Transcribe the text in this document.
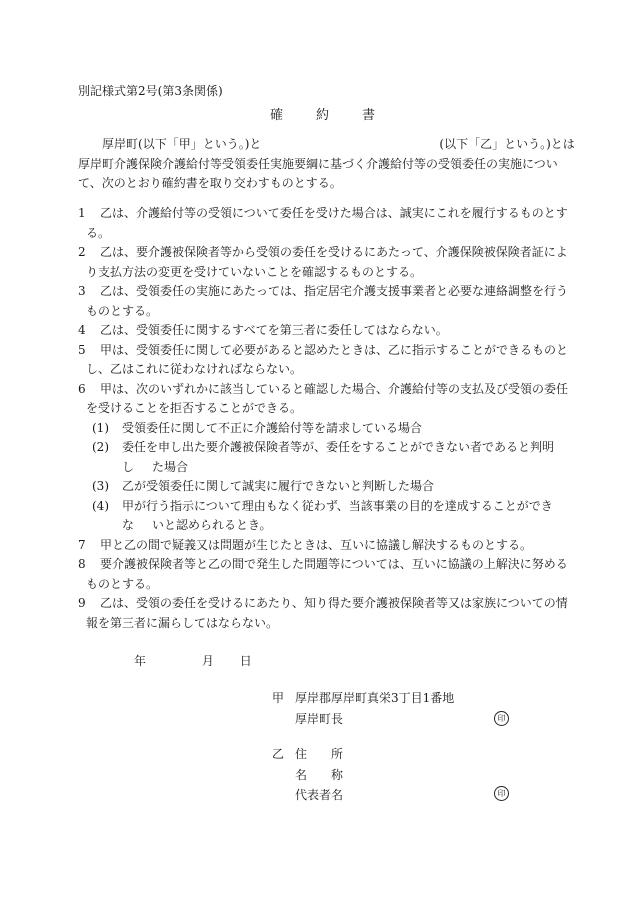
別記様式第2号(第3条関係)
確　約　書
　　厚岸町(以下「甲」という。)と　　　	(以下「乙」という。)とは
厚岸町介護保険介護給付等受領委任実施要綱に基づく介護給付等の受領委任の実施につい
て、次のとおり確約書を取り交わすものとする。
1	乙は、介護給付等の受領について委任を受けた場合は、誠実にこれを履行するものとす
る。
2	乙は、要介護被保険者等から受領の委任を受けるにあたって、介護保険被保険者証によ
り支払方法の変更を受けていないことを確認するものとする。
3	乙は、受領委任の実施にあたっては、指定居宅介護支援事業者と必要な連絡調整を行う
ものとする。
4	乙は、受領委任に関するすべてを第三者に委任してはならない。
5	甲は、受領委任に関して必要があると認めたときは、乙に指示することができるものと
し、乙はこれに従わなければならない。
6	甲は、次のいずれかに該当していると確認した場合、介護給付等の支払及び受領の委任
を受けることを拒否することができる。
(1)	受領委任に関して不正に介護給付等を請求している場合
(2)	委任を申し出た要介護被保険者等が、委任をすることができない者であると判明し た場合
(3)	乙が受領委任に関して誠実に履行できないと判断した場合
(4)	甲が行う指示について理由もなく従わず、当該事業の目的を達成することができな いと認められるとき。
7	甲と乙の間で疑義又は問題が生じたときは、互いに協議し解決するものとする。
8	要介護被保険者等と乙の間で発生した問題等については、互いに協議の上解決に努める
ものとする。
9	乙は、受領の委任を受けるにあたり、知り得た要介護被保険者等又は家族についての情
報を第三者に漏らしてはならない。
年	月 日
甲 厚岸郡厚岸町真栄3丁目1番地
厚岸町長	印
乙 住　　所
名　　称
代表者名	印
